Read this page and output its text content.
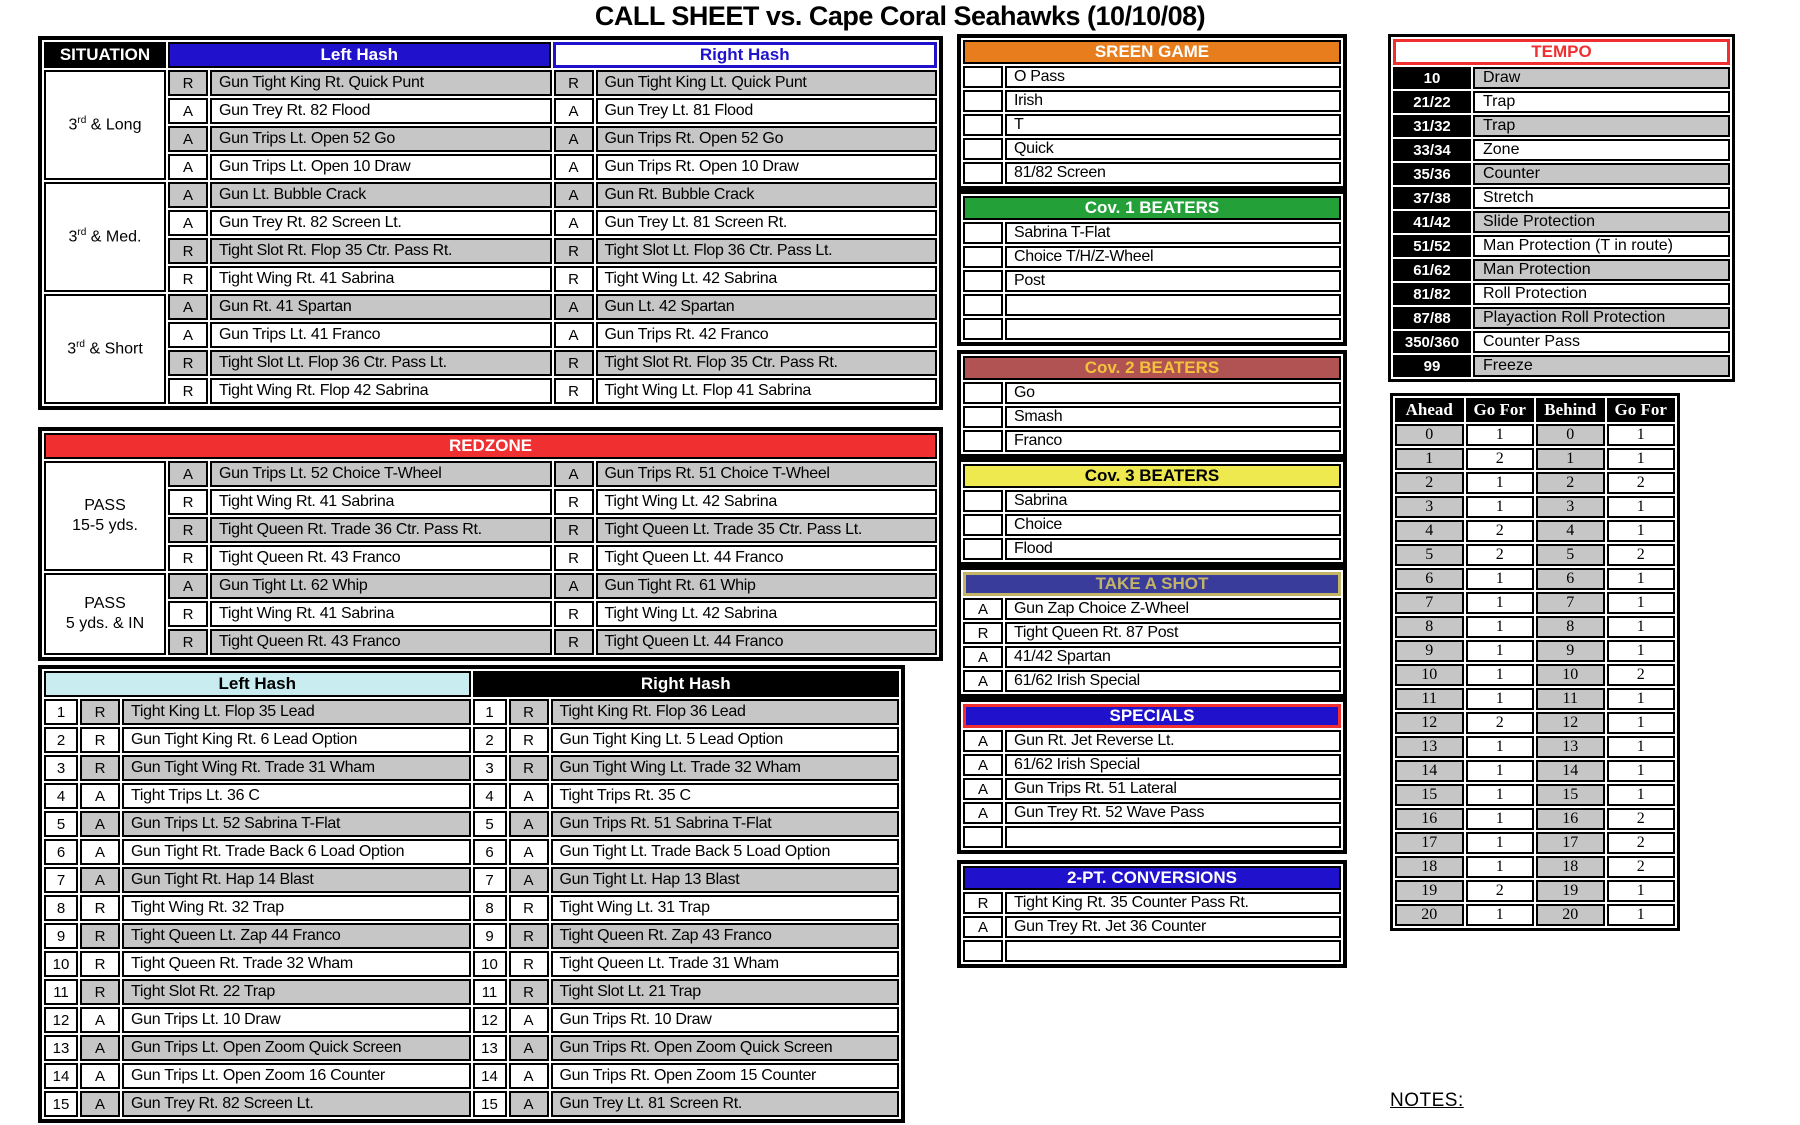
CALL SHEET vs. Cape Coral Seahawks (10/10/08)
SITUATION	Left Hash	Right Hash
3rd & Long
R	Gun Tight King Rt. Quick Punt	R	Gun Tight King Lt. Quick Punt
A	Gun Trey Rt. 82 Flood	A	Gun Trey Lt. 81 Flood
A	Gun Trips Lt. Open 52 Go	A	Gun Trips Rt. Open 52 Go
A	Gun Trips Lt. Open 10 Draw	A	Gun Trips Rt. Open 10 Draw
3rd & Med.
A	Gun Lt. Bubble Crack	A	Gun Rt. Bubble Crack
A	Gun Trey Rt. 82 Screen Lt.	A	Gun Trey Lt. 81 Screen Rt.
R	Tight Slot Rt. Flop 35 Ctr. Pass Rt.	R	Tight Slot Lt. Flop 36 Ctr. Pass Lt.
R	Tight Wing Rt. 41 Sabrina	R	Tight Wing Lt. 42 Sabrina
3rd & Short
A	Gun Rt. 41 Spartan	A	Gun Lt. 42 Spartan
A	Gun Trips Lt. 41 Franco	A	Gun Trips Rt. 42 Franco
R	Tight Slot Lt. Flop 36 Ctr. Pass Lt.	R	Tight Slot Rt. Flop 35 Ctr. Pass Rt.
R	Tight Wing Rt. Flop 42 Sabrina	R	Tight Wing Lt. Flop 41 Sabrina
REDZONE
PASS
15-5 yds.
A	Gun Trips Lt. 52 Choice T-Wheel	A	Gun Trips Rt. 51 Choice T-Wheel
R	Tight Wing Rt. 41 Sabrina	R	Tight Wing Lt. 42 Sabrina
R	Tight Queen Rt. Trade 36 Ctr. Pass Rt.	R	Tight Queen Lt. Trade 35 Ctr. Pass Lt.
R	Tight Queen Rt. 43 Franco	R	Tight Queen Lt. 44 Franco
PASS
5 yds. & IN
A	Gun Tight Lt. 62 Whip	A	Gun Tight Rt. 61 Whip
R	Tight Wing Rt. 41 Sabrina	R	Tight Wing Lt. 42 Sabrina
R	Tight Queen Rt. 43 Franco	R	Tight Queen Lt. 44 Franco
Left Hash	Right Hash
1	R	Tight King Lt. Flop 35 Lead	1	R	Tight King Rt. Flop 36 Lead
2	R	Gun Tight King Rt. 6 Lead Option	2	R	Gun Tight King Lt. 5 Lead Option
3	R	Gun Tight Wing Rt. Trade 31 Wham	3	R	Gun Tight Wing Lt. Trade 32 Wham
4	A	Tight Trips Lt. 36 C	4	A	Tight Trips Rt. 35 C
5	A	Gun Trips Lt. 52 Sabrina T-Flat	5	A	Gun Trips Rt. 51 Sabrina T-Flat
6	A	Gun Tight Rt. Trade Back 6 Load Option	6	A	Gun Tight Lt. Trade Back 5 Load Option
7	A	Gun Tight Rt. Hap 14 Blast	7	A	Gun Tight Lt. Hap 13 Blast
8	R	Tight Wing Rt. 32 Trap	8	R	Tight Wing Lt. 31 Trap
9	R	Tight Queen Lt. Zap 44 Franco	9	R	Tight Queen Rt. Zap 43 Franco
10	R	Tight Queen Rt. Trade 32 Wham	10	R	Tight Queen Lt. Trade 31 Wham
11	R	Tight Slot Rt. 22 Trap	11	R	Tight Slot Lt. 21 Trap
12	A	Gun Trips Lt. 10 Draw	12	A	Gun Trips Rt. 10 Draw
13	A	Gun Trips Lt. Open Zoom Quick Screen	13	A	Gun Trips Rt. Open Zoom Quick Screen
14	A	Gun Trips Lt. Open Zoom 16 Counter	14	A	Gun Trips Rt. Open Zoom 15 Counter
15	A	Gun Trey Rt. 82 Screen Lt.	15	A	Gun Trey Lt. 81 Screen Rt.
SREEN GAME
O Pass
Irish
T
Quick
81/82 Screen
Cov. 1 BEATERS
Sabrina T-Flat
Choice T/H/Z-Wheel
Post
Cov. 2 BEATERS
Go
Smash
Franco
Cov. 3 BEATERS
Sabrina
Choice
Flood
TAKE A SHOT
A	Gun Zap Choice Z-Wheel
R	Tight Queen Rt. 87 Post
A	41/42 Spartan
A	61/62 Irish Special
SPECIALS
A	Gun Rt. Jet Reverse Lt.
A	61/62 Irish Special
A	Gun Trips Rt. 51 Lateral
A	Gun Trey Rt. 52 Wave Pass
2-PT. CONVERSIONS
R	Tight King Rt. 35 Counter Pass Rt.
A	Gun Trey Rt. Jet 36 Counter
TEMPO
10	Draw
21/22	Trap
31/32	Trap
33/34	Zone
35/36	Counter
37/38	Stretch
41/42	Slide Protection
51/52	Man Protection (T in route)
61/62	Man Protection
81/82	Roll Protection
87/88	Playaction Roll Protection
350/360	Counter Pass
99	Freeze
Ahead	Go For	Behind	Go For
0	1	0	1
1	2	1	1
2	1	2	2
3	1	3	1
4	2	4	1
5	2	5	2
6	1	6	1
7	1	7	1
8	1	8	1
9	1	9	1
10	1	10	2
11	1	11	1
12	2	12	1
13	1	13	1
14	1	14	1
15	1	15	1
16	1	16	2
17	1	17	2
18	1	18	2
19	2	19	1
20	1	20	1
NOTES:
